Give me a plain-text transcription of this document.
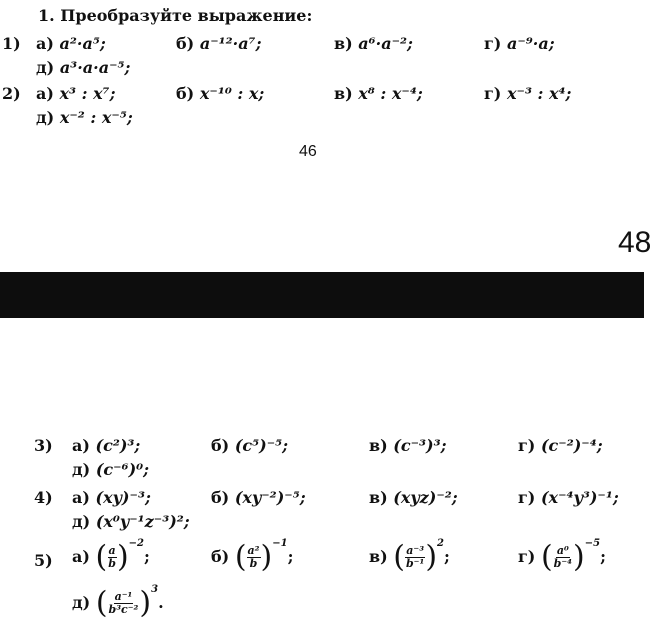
1. Преобразуйте выражение:
1) а) a²·a⁵;	б) a⁻¹²·a⁷;	в) a⁶·a⁻²;	г) a⁻⁹·a;
д) a³·a·a⁻⁵;
2) а) x³ : x⁷;	б) x⁻¹⁰ : x;	в) x⁸ : x⁻⁴;	г) x⁻³ : x⁴;
д) x⁻² : x⁻⁵;
46
48
3) а) (c²)³;	б) (c⁵)⁻⁵;	в) (c⁻³)³;	г) (c⁻²)⁻⁴;
д) (c⁻⁶)⁰;
4) а) (xy)⁻³;	б) (xy⁻²)⁻⁵;	в) (xyz)⁻²;	г) (x⁻⁴y³)⁻¹;
д) (x⁰y⁻¹z⁻³)²;
5) а) ( $\frac{a}{b} )^{-2}$;	б) ( $\frac{\text{a²}}{b} )^{-1}$;	в) ( $\frac{\text{a⁻³}}{\text{b⁻¹}} )^2$;	г) ( $\frac{\text{a⁰}}{\text{b⁻⁴}} )^{-5}$;
д) ( $\frac{\text{a⁻¹}}{\text{b³c⁻²}} )^3$.
